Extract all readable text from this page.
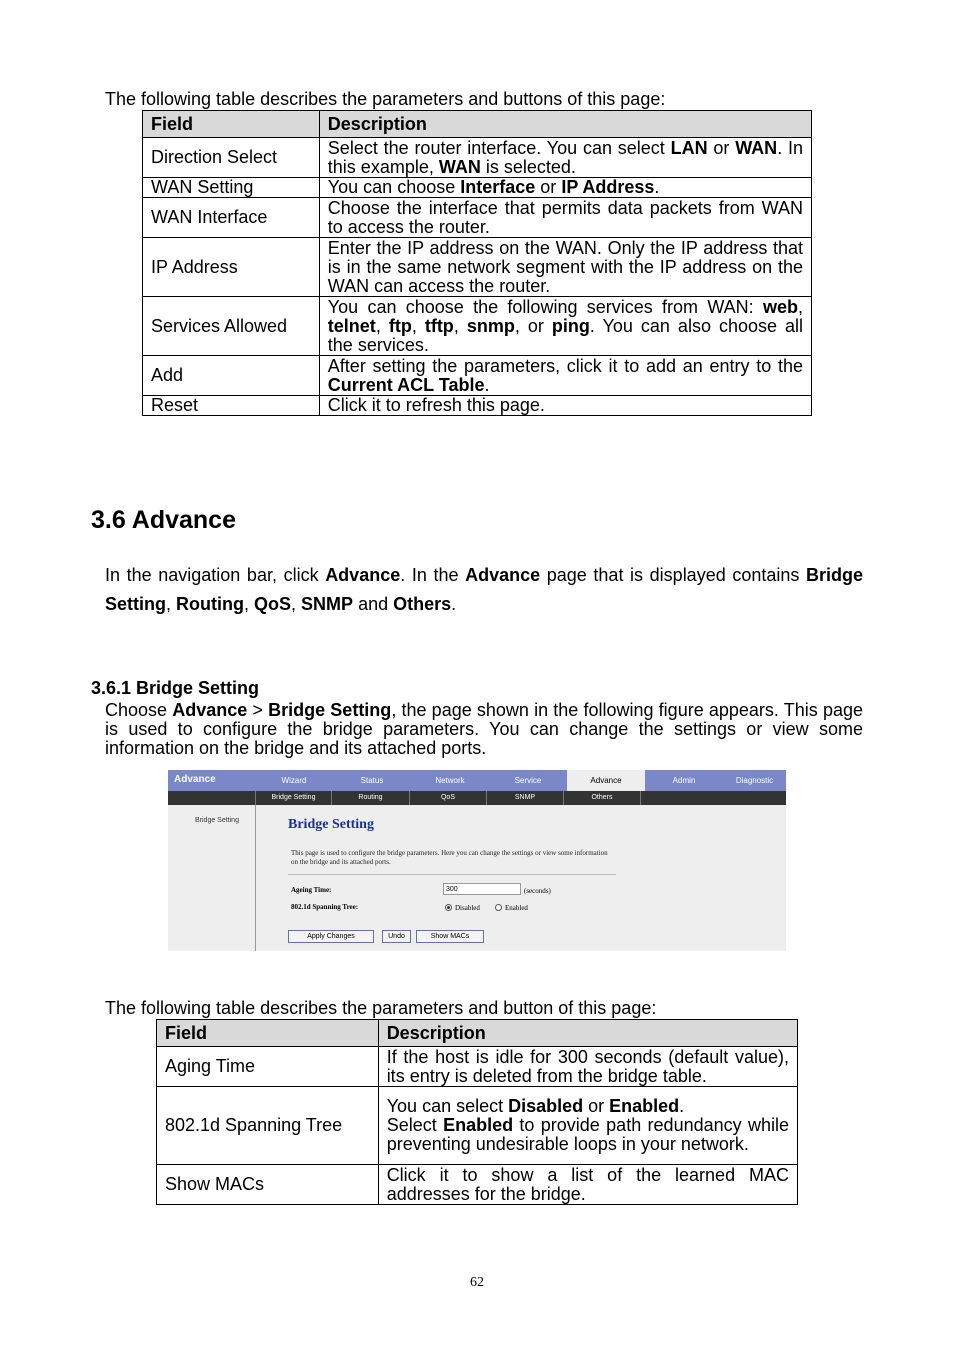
The following table describes the parameters and buttons of this page:
Field	Description
Direction Select	Select the router interface. You can select LAN or WAN. In this example, WAN is selected.
WAN Setting	You can choose Interface or IP Address.
WAN Interface	Choose the interface that permits data packets from WAN to access the router.
IP Address	Enter the IP address on the WAN. Only the IP address that is in the same network segment with the IP address on the WAN can access the router.
Services Allowed	You can choose the following services from WAN: web, telnet, ftp, tftp, snmp, or ping. You can also choose all the services.
Add	After setting the parameters, click it to add an entry to the Current ACL Table.
Reset	Click it to refresh this page.
3.6 Advance
In the navigation bar, click Advance. In the Advance page that is displayed contains Bridge Setting, Routing, QoS, SNMP and Others.
3.6.1 Bridge Setting
Choose Advance > Bridge Setting, the page shown in the following figure appears. This page is used to configure the bridge parameters. You can change the settings or view some information on the bridge and its attached ports.
Advance	Wizard	Status	Network	Service	Advance	Admin	Diagnostic
Bridge Setting	Routing	QoS	SNMP	Others
Bridge Setting	Bridge Setting
This page is used to configure the bridge parameters. Here you can change the settings or view some information on the bridge and its attached ports.
Ageing Time:	300	(seconds)
802.1d Spanning Tree:	Disabled	Enabled
Apply Changes	Undo	Show MACs
The following table describes the parameters and button of this page:
Field	Description
Aging Time	If the host is idle for 300 seconds (default value), its entry is deleted from the bridge table.
802.1d Spanning Tree	You can select Disabled or Enabled.
Select Enabled to provide path redundancy while preventing undesirable loops in your network.
Show MACs	Click it to show a list of the learned MAC addresses for the bridge.
62
